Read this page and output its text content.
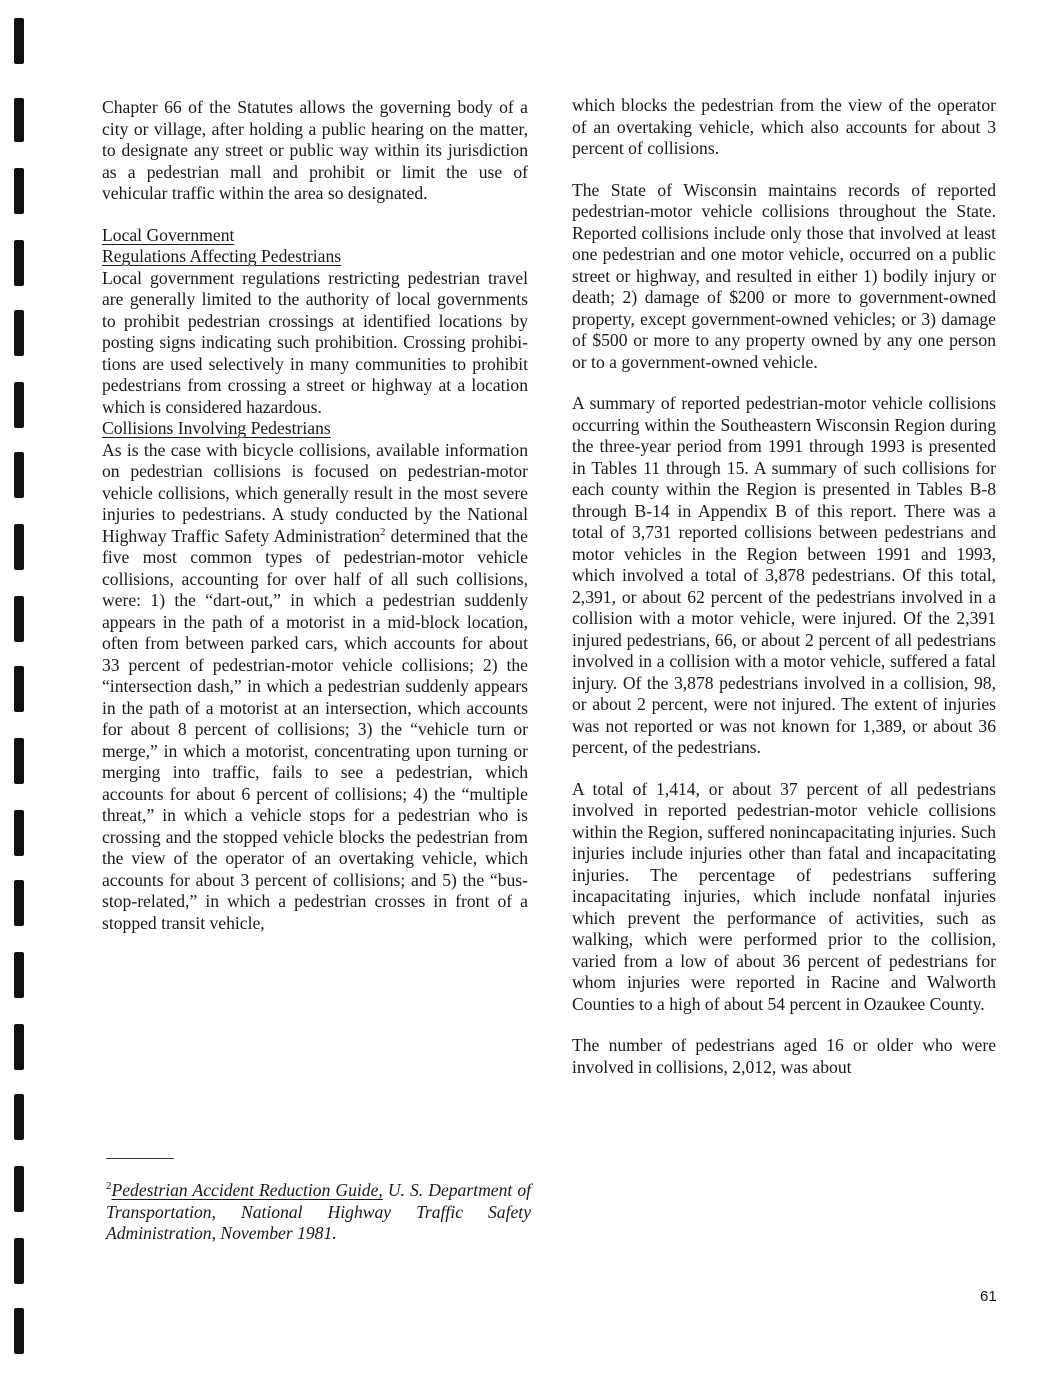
Chapter 66 of the Statutes allows the governing body of a city or village, after holding a public hearing on the matter, to designate any street or public way within its jurisdiction as a pedestrian mall and prohibit or limit the use of vehicular traffic within the area so designated.

Local Government

Regulations Affecting Pedestrians

Local government regulations restricting pedestrian travel are generally limited to the authority of local governments to prohibit pedestrian crossings at identified locations by posting signs indicating such prohibition. Crossing prohibitions are used selectively in many communities to prohibit pedestrians from crossing a street or highway at a location which is considered hazardous.

Collisions Involving Pedestrians

As is the case with bicycle collisions, available information on pedestrian collisions is focused on pedestrian-motor vehicle collisions, which generally result in the most severe injuries to pedestrians. A study conducted by the National Highway Traffic Safety Administration$^2$ determined that the five most common types of pedestrian-motor vehicle collisions, accounting for over half of all such collisions, were: 1) the “dart-out,” in which a pedestrian suddenly appears in the path of a motorist in a mid-block location, often from between parked cars, which accounts for about 33 percent of pedestrian-motor vehicle collisions; 2) the “intersection dash,” in which a pedestrian suddenly appears in the path of a motorist at an intersection, which accounts for about 8 percent of collisions; 3) the “vehicle turn or merge,” in which a motorist, concentrating upon turning or merging into traffic, fails to see a pedestrian, which accounts for about 6 percent of collisions; 4) the “multiple threat,” in which a vehicle stops for a pedestrian who is crossing and the stopped vehicle blocks the pedestrian from the view of the operator of an overtaking vehicle, which accounts for about 3 percent of collisions; and 5) the “bus-stop-related,” in which a pedestrian crosses in front of a stopped transit vehicle,

$^2$Pedestrian Accident Reduction Guide, U. S. Department of Transportation, National Highway Traffic Safety Administration, November 1981.

which blocks the pedestrian from the view of the operator of an overtaking vehicle, which also accounts for about 3 percent of collisions.

The State of Wisconsin maintains records of reported pedestrian-motor vehicle collisions throughout the State. Reported collisions include only those that involved at least one pedestrian and one motor vehicle, occurred on a public street or highway, and resulted in either 1) bodily injury or death; 2) damage of $200 or more to government-owned property, except government-owned vehicles; or 3) damage of $500 or more to any property owned by any one person or to a government-owned vehicle.

A summary of reported pedestrian-motor vehicle collisions occurring within the Southeastern Wisconsin Region during the three-year period from 1991 through 1993 is presented in Tables 11 through 15. A summary of such collisions for each county within the Region is presented in Tables B-8 through B-14 in Appendix B of this report. There was a total of 3,731 reported collisions between pedestrians and motor vehicles in the Region between 1991 and 1993, which involved a total of 3,878 pedestrians. Of this total, 2,391, or about 62 percent of the pedestrians involved in a collision with a motor vehicle, were injured. Of the 2,391 injured pedestrians, 66, or about 2 percent of all pedestrians involved in a collision with a motor vehicle, suffered a fatal injury. Of the 3,878 pedestrians involved in a collision, 98, or about 2 percent, were not injured. The extent of injuries was not reported or was not known for 1,389, or about 36 percent, of the pedestrians.

A total of 1,414, or about 37 percent of all pedestrians involved in reported pedestrian-motor vehicle collisions within the Region, suffered nonincapacitating injuries. Such injuries include injuries other than fatal and incapacitating injuries. The percentage of pedestrians suffering incapacitating injuries, which include nonfatal injuries which prevent the performance of activities, such as walking, which were performed prior to the collision, varied from a low of about 36 percent of pedestrians for whom injuries were reported in Racine and Walworth Counties to a high of about 54 percent in Ozaukee County.

The number of pedestrians aged 16 or older who were involved in collisions, 2,012, was about

61
